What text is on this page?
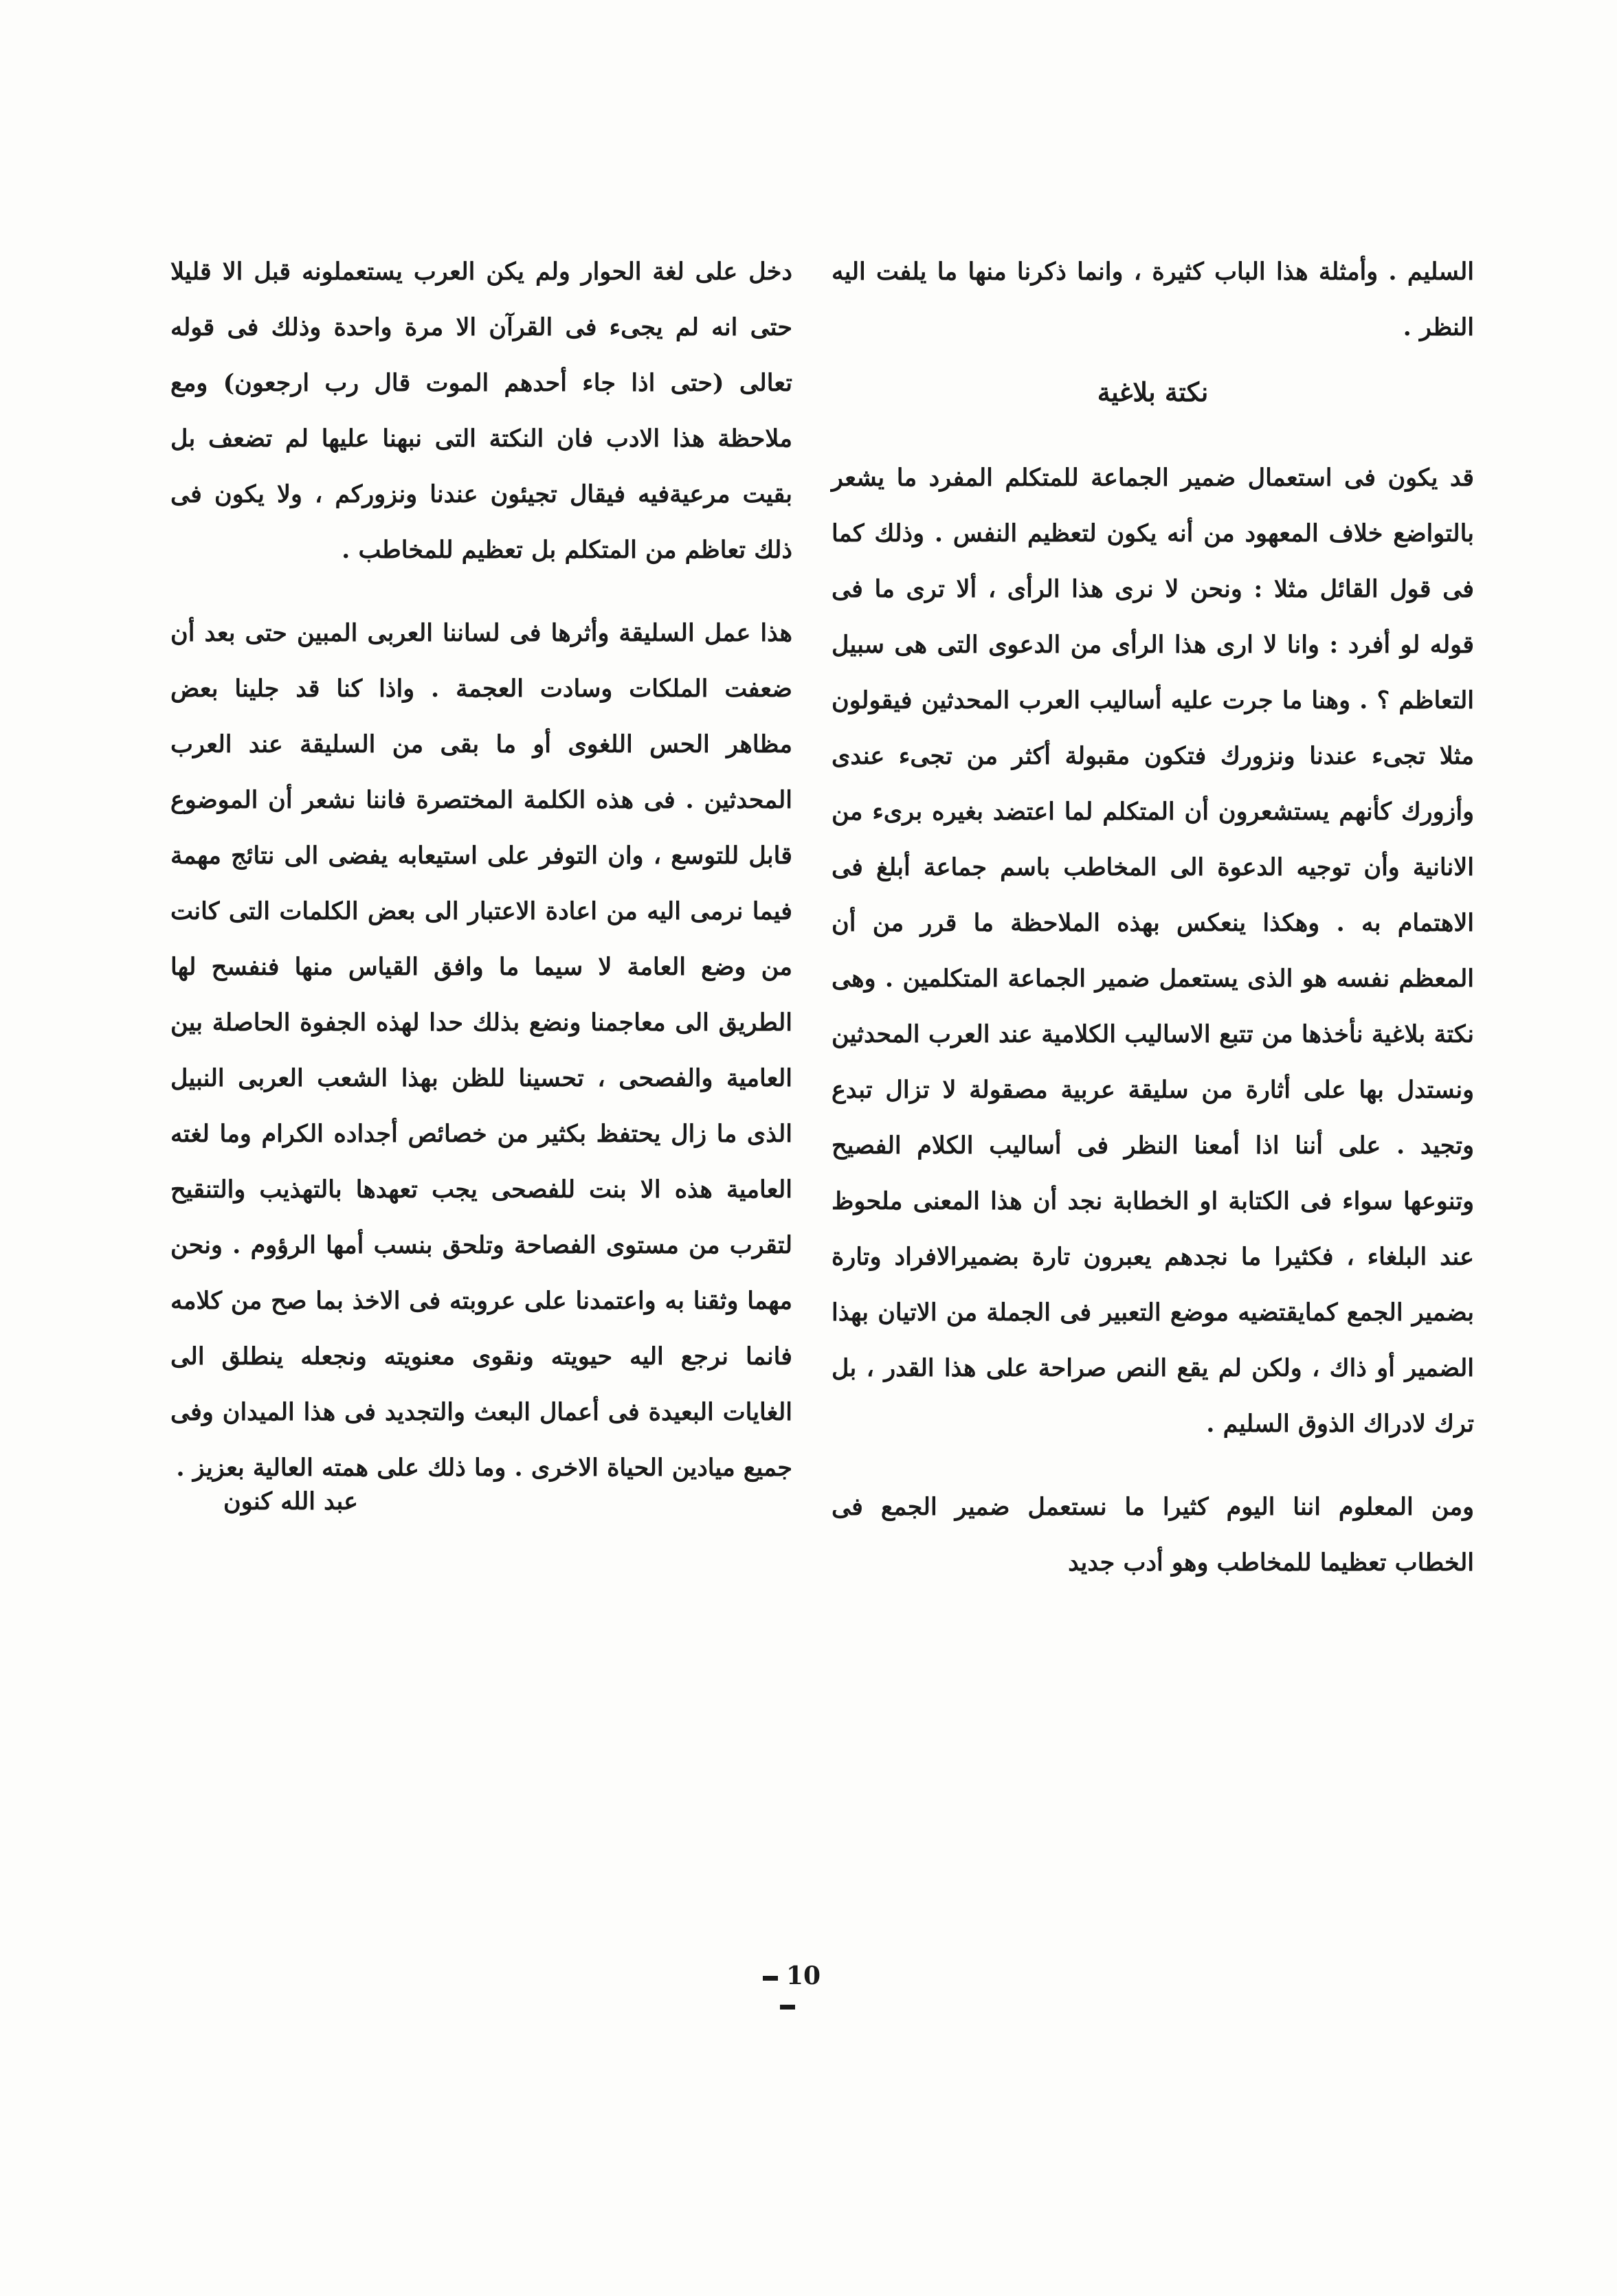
السليم . وأمثلة هذا الباب كثيرة ، وانما ذكرنا منها ما يلفت اليه النظر .

نكتة بلاغية

قد يكون فى استعمال ضمير الجماعة للمتكلم المفرد ما يشعر بالتواضع خلاف المعهود من أنه يكون لتعظيم النفس . وذلك كما فى قول القائل مثلا : ونحن لا نرى هذا الرأى ، ألا ترى ما فى قوله لو أفرد : وانا لا ارى هذا الرأى من الدعوى التى هى سبيل التعاظم ؟ . وهنا ما جرت عليه أساليب العرب المحدثين فيقولون مثلا تجىء عندنا ونزورك فتكون مقبولة أكثر من تجىء عندى وأزورك كأنهم يستشعرون أن المتكلم لما اعتضد بغيره برىء من الانانية وأن توجيه الدعوة الى المخاطب باسم جماعة أبلغ فى الاهتمام به . وهكذا ينعكس بهذه الملاحظة ما قرر من أن المعظم نفسه هو الذى يستعمل ضمير الجماعة المتكلمين . وهى نكتة بلاغية نأخذها من تتبع الاساليب الكلامية عند العرب المحدثين ونستدل بها على أثارة من سليقة عربية مصقولة لا تزال تبدع وتجيد . على أننا اذا أمعنا النظر فى أساليب الكلام الفصيح وتنوعها سواء فى الكتابة او الخطابة نجد أن هذا المعنى ملحوظ عند البلغاء ، فكثيرا ما نجدهم يعبرون تارة بضميرالافراد وتارة بضمير الجمع كمايقتضيه موضع التعبير فى الجملة من الاتيان بهذا الضمير أو ذاك ، ولكن لم يقع النص صراحة على هذا القدر ، بل ترك لادراك الذوق السليم .

ومن المعلوم اننا اليوم كثيرا ما نستعمل ضمير الجمع فى الخطاب تعظيما للمخاطب وهو أدب جديد

دخل على لغة الحوار ولم يكن العرب يستعملونه قبل الا قليلا حتى انه لم يجىء فى القرآن الا مرة واحدة وذلك فى قوله تعالى (حتى اذا جاء أحدهم الموت قال رب ارجعون) ومع ملاحظة هذا الادب فان النكتة التى نبهنا عليها لم تضعف بل بقيت مرعيةفيه فيقال تجيئون عندنا ونزوركم ، ولا يكون فى ذلك تعاظم من المتكلم بل تعظيم للمخاطب .

هذا عمل السليقة وأثرها فى لساننا العربى المبين حتى بعد أن ضعفت الملكات وسادت العجمة . واذا كنا قد جلينا بعض مظاهر الحس اللغوى أو ما بقى من السليقة عند العرب المحدثين . فى هذه الكلمة المختصرة فاننا نشعر أن الموضوع قابل للتوسع ، وان التوفر على استيعابه يفضى الى نتائج مهمة فيما نرمى اليه من اعادة الاعتبار الى بعض الكلمات التى كانت من وضع العامة لا سيما ما وافق القياس منها فنفسح لها الطريق الى معاجمنا ونضع بذلك حدا لهذه الجفوة الحاصلة بين العامية والفصحى ، تحسينا للظن بهذا الشعب العربى النبيل الذى ما زال يحتفظ بكثير من خصائص أجداده الكرام وما لغته العامية هذه الا بنت للفصحى يجب تعهدها بالتهذيب والتنقيح لتقرب من مستوى الفصاحة وتلحق بنسب أمها الرؤوم . ونحن مهما وثقنا به واعتمدنا على عروبته فى الاخذ بما صح من كلامه فانما نرجع اليه حيويته ونقوى معنويته ونجعله ينطلق الى الغايات البعيدة فى أعمال البعث والتجديد فى هذا الميدان وفى جميع ميادين الحياة الاخرى . وما ذلك على همته العالية بعزيز .

عبد الله كنون
10
